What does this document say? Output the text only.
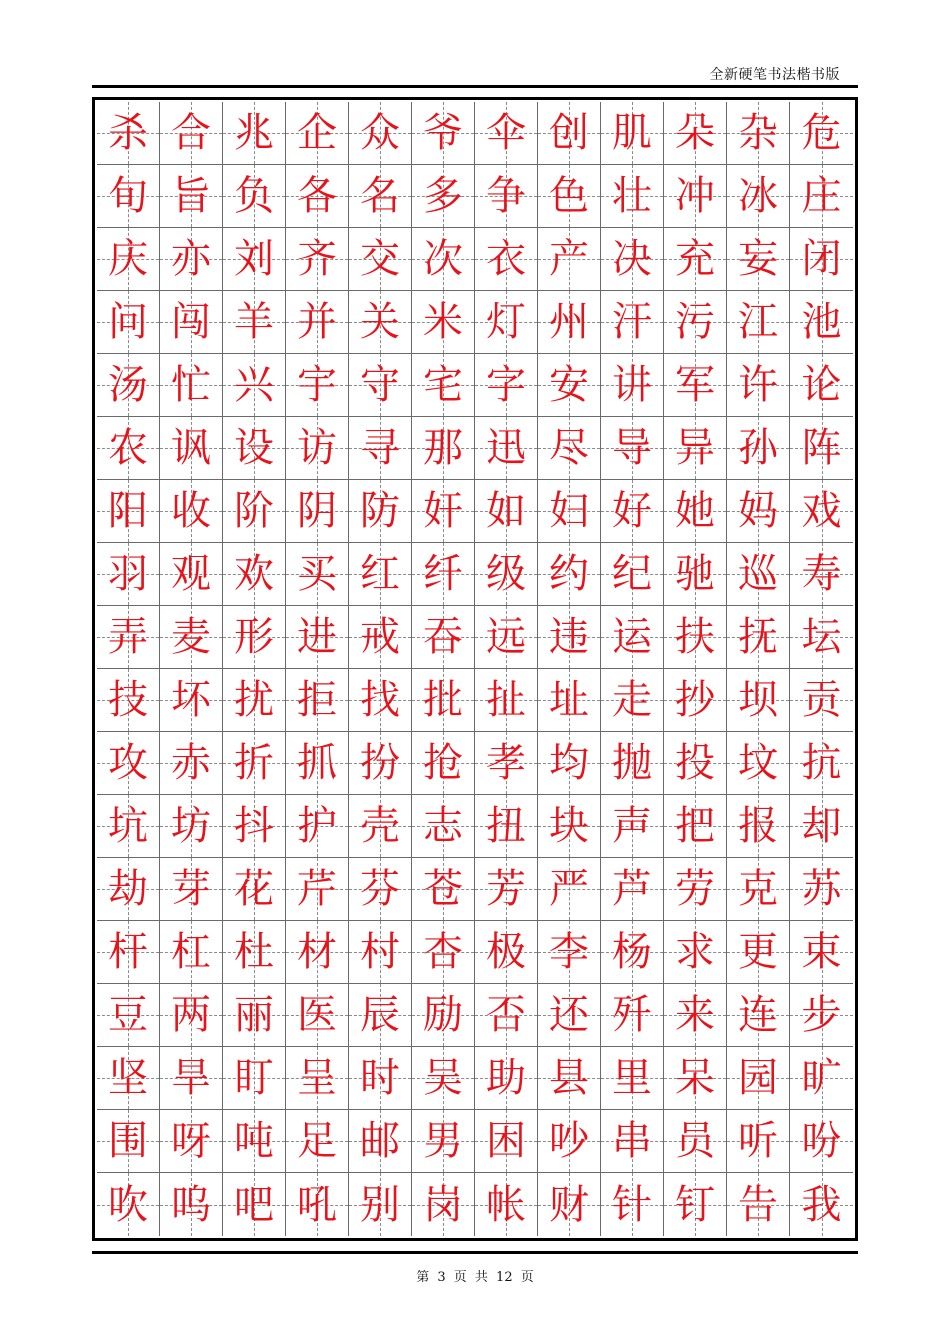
全新硬笔书法楷书版
杀 合 兆 企 众 爷 伞 创 肌 朵 杂 危
旬 旨 负 各 名 多 争 色 壮 冲 冰 庄
庆 亦 刘 齐 交 次 衣 产 决 充 妄 闭
问 闯 羊 并 关 米 灯 州 汗 污 江 池
汤 忙 兴 宇 守 宅 字 安 讲 军 许 论
农 讽 设 访 寻 那 迅 尽 导 异 孙 阵
阳 收 阶 阴 防 奸 如 妇 好 她 妈 戏
羽 观 欢 买 红 纤 级 约 纪 驰 巡 寿
弄 麦 形 进 戒 吞 远 违 运 扶 抚 坛
技 坏 扰 拒 找 批 扯 址 走 抄 坝 贡
攻 赤 折 抓 扮 抢 孝 均 抛 投 坟 抗
坑 坊 抖 护 壳 志 扭 块 声 把 报 却
劫 芽 花 芹 芬 苍 芳 严 芦 劳 克 苏
杆 杠 杜 材 村 杏 极 李 杨 求 更 束
豆 两 丽 医 辰 励 否 还 歼 来 连 步
坚 旱 盯 呈 时 吴 助 县 里 呆 园 旷
围 呀 吨 足 邮 男 困 吵 串 员 听 吩
吹 呜 吧 吼 别 岗 帐 财 针 钉 告 我
第 3 页 共 12 页
